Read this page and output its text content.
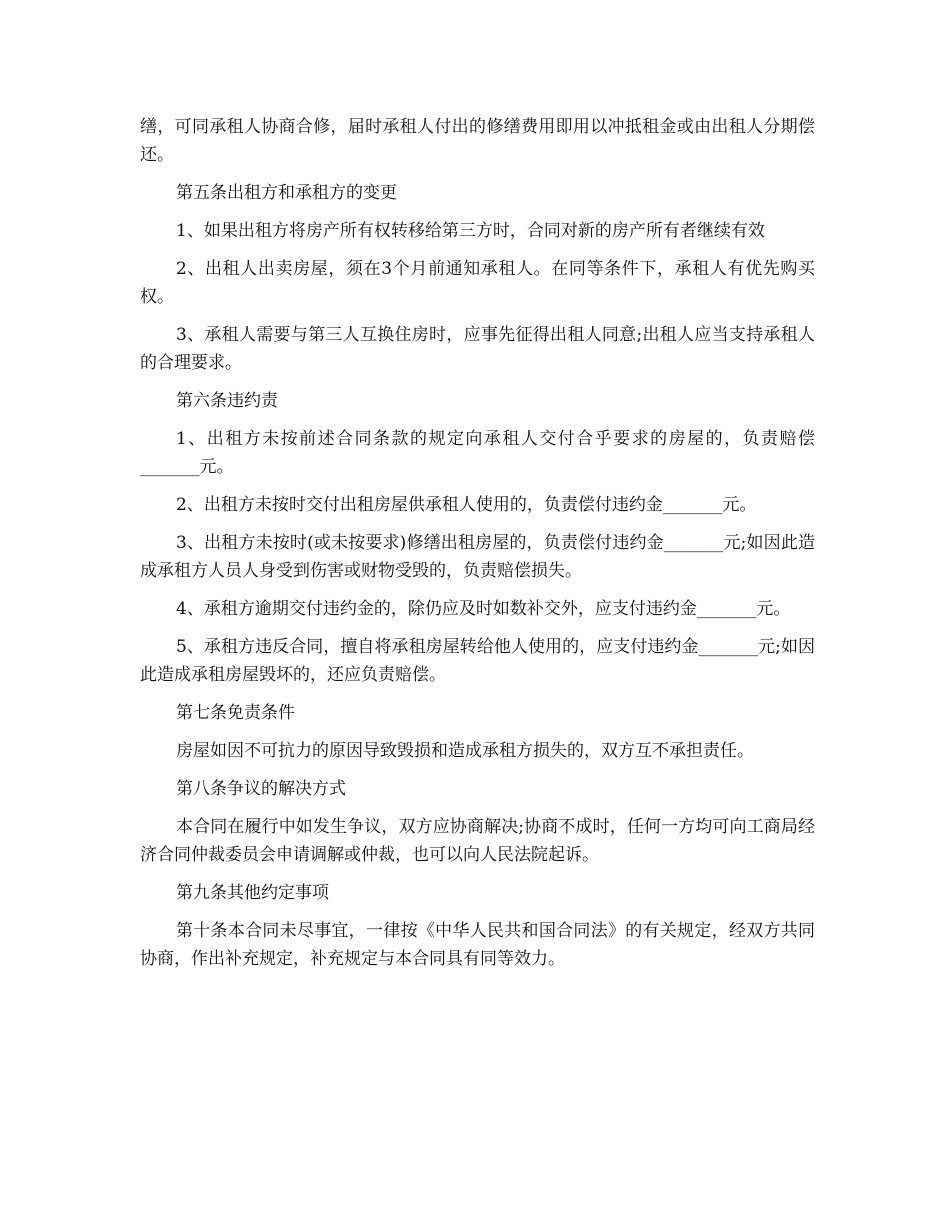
缮，可同承租人协商合修，届时承租人付出的修缮费用即用以冲抵租金或由出租人分期偿还。

第五条出租方和承租方的变更

1、如果出租方将房产所有权转移给第三方时，合同对新的房产所有者继续有效

2、出租人出卖房屋，须在3个月前通知承租人。在同等条件下，承租人有优先购买权。

3、承租人需要与第三人互换住房时，应事先征得出租人同意;出租人应当支持承租人的合理要求。

第六条违约责

1、出租方未按前述合同条款的规定向承租人交付合乎要求的房屋的，负责赔偿_______元。

2、出租方未按时交付出租房屋供承租人使用的，负责偿付违约金_______元。

3、出租方未按时(或未按要求)修缮出租房屋的，负责偿付违约金_______元;如因此造成承租方人员人身受到伤害或财物受毁的，负责赔偿损失。

4、承租方逾期交付违约金的，除仍应及时如数补交外，应支付违约金_______元。

5、承租方违反合同，擅自将承租房屋转给他人使用的，应支付违约金_______元;如因此造成承租房屋毁坏的，还应负责赔偿。

第七条免责条件

房屋如因不可抗力的原因导致毁损和造成承租方损失的，双方互不承担责任。

第八条争议的解决方式

本合同在履行中如发生争议，双方应协商解决;协商不成时，任何一方均可向工商局经济合同仲裁委员会申请调解或仲裁，也可以向人民法院起诉。

第九条其他约定事项

第十条本合同未尽事宜，一律按《中华人民共和国合同法》的有关规定，经双方共同协商，作出补充规定，补充规定与本合同具有同等效力。
